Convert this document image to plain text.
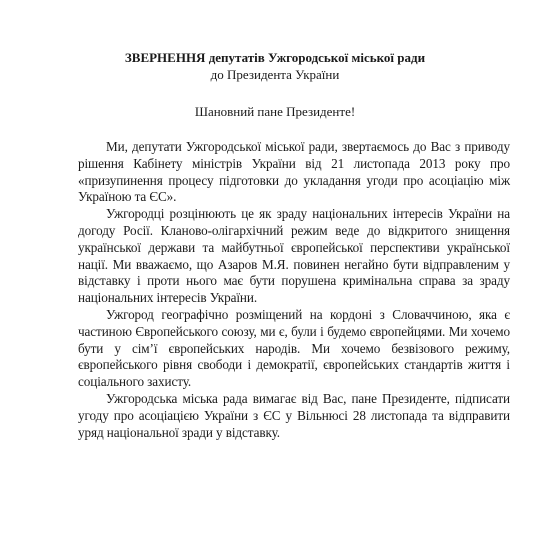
ЗВЕРНЕННЯ депутатів Ужгородської міської ради
до Президента України
Шановний пане Президенте!

Ми, депутати Ужгородської міської ради, звертаємось до Вас з приводу рішення Кабінету міністрів України від 21 листопада 2013 року про «призупинення процесу підготовки до укладання угоди про асоціацію між Україною та ЄС».

Ужгородці розцінюють це як зраду національних інтересів України на догоду Росії. Кланово-олігархічний режим веде до відкритого знищення української держави та майбутньої європейської перспективи української нації. Ми вважаємо, що Азаров М.Я. повинен негайно бути відправленим у відставку і проти нього має бути порушена кримінальна справа за зраду національних інтересів України.

Ужгород географічно розміщений на кордоні з Словаччиною, яка є частиною Європейського союзу, ми є, були і будемо європейцями. Ми хочемо бути у сім’ї європейських народів. Ми хочемо безвізового режиму, європейського рівня свободи і демократії, європейських стандартів життя і соціального захисту.

Ужгородська міська рада вимагає від Вас, пане Президенте, підписати угоду про асоціацією України з ЄС у Вільнюсі 28 листопада та відправити уряд національної зради у відставку.
